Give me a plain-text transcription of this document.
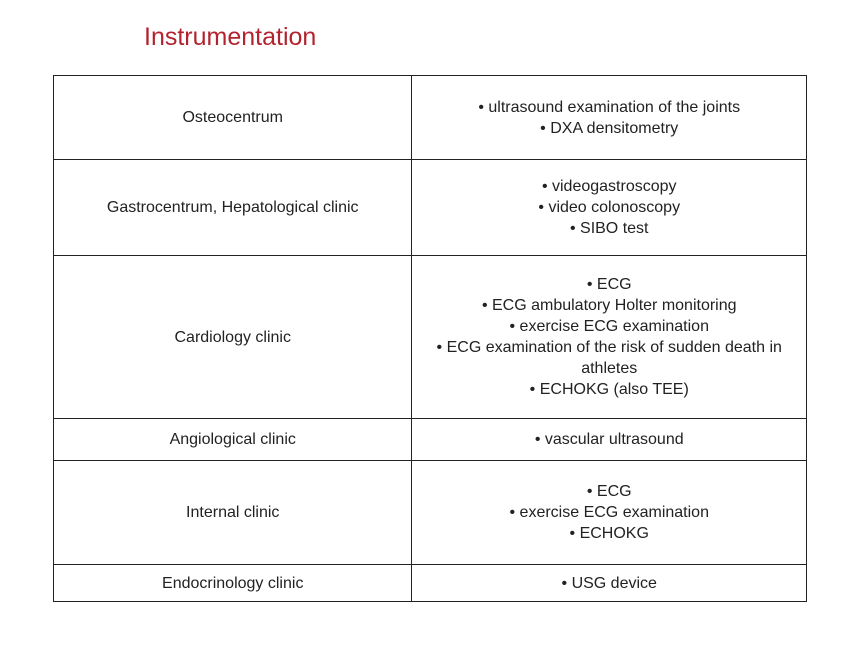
Instrumentation
Osteocentrum	• ultrasound examination of the joints
• DXA densitometry

Gastrocentrum, Hepatological clinic	• videogastroscopy
• video colonoscopy
• SIBO test

Cardiology clinic	• ECG
• ECG ambulatory Holter monitoring
• exercise ECG examination
• ECG examination of the risk of sudden death in athletes
• ECHOKG (also TEE)

Angiological clinic	• vascular ultrasound

Internal clinic	• ECG
• exercise ECG examination
• ECHOKG

Endocrinology clinic	• USG device
